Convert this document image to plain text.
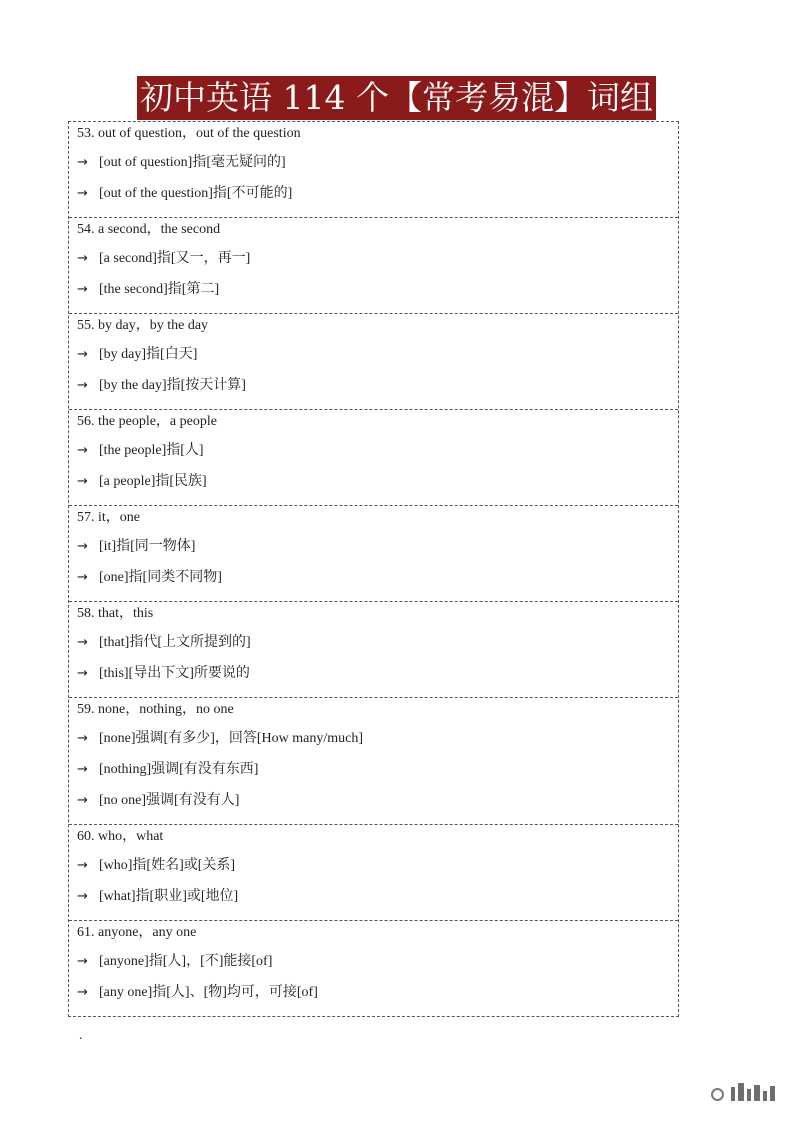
初中英语 114 个【常考易混】词组
53. out of question，out of the question
→ [out of question]指[毫无疑问的]
→ [out of the question]指[不可能的]
54. a second，the second
→ [a second]指[又一，再一]
→ [the second]指[第二]
55. by day，by the day
→ [by day]指[白天]
→ [by the day]指[按天计算]
56. the people，a people
→ [the people]指[人]
→ [a people]指[民族]
57. it，one
→ [it]指[同一物体]
→ [one]指[同类不同物]
58. that，this
→ [that]指代[上文所提到的]
→ [this][导出下文]所要说的
59. none，nothing，no one
→ [none]强调[有多少]，回答[How many/much]
→ [nothing]强调[有没有东西]
→ [no one]强调[有没有人]
60. who，what
→ [who]指[姓名]或[关系]
→ [what]指[职业]或[地位]
61. anyone，any one
→ [anyone]指[人]，[不]能接[of]
→ [any one]指[人]、[物]均可，可接[of]
.
